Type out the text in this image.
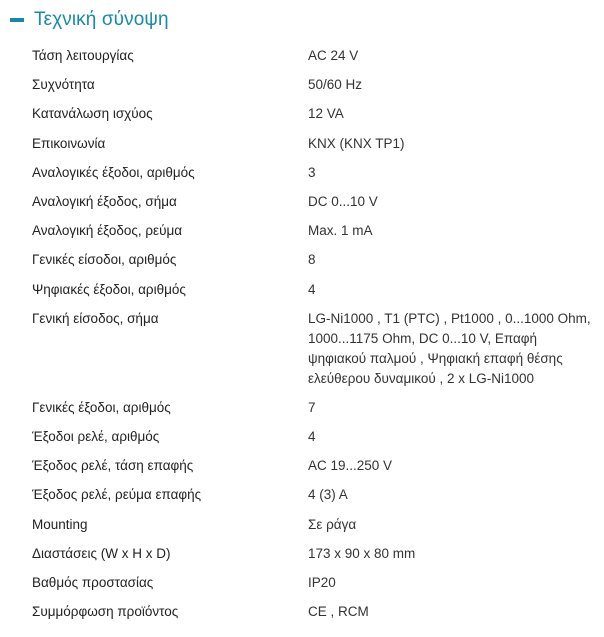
Τεχνική σύνοψη
Τάση λειτουργίας	AC 24 V
Συχνότητα	50/60 Hz
Κατανάλωση ισχύος	12 VA
Επικοινωνία	KNX (KNX TP1)
Αναλογικές έξοδοι, αριθμός	3
Αναλογική έξοδος, σήμα	DC 0...10 V
Αναλογική έξοδος, ρεύμα	Max. 1 mA
Γενικές είσοδοι, αριθμός	8
Ψηφιακές έξοδοι, αριθμός	4
Γενική είσοδος, σήμα	LG-Ni1000 , T1 (PTC) , Pt1000 , 0...1000 Ohm, 1000...1175 Ohm, DC 0...10 V, Επαφή ψηφιακού παλμού , Ψηφιακή επαφή θέσης ελεύθερου δυναμικού , 2 x LG-Ni1000
Γενικές έξοδοι, αριθμός	7
Έξοδοι ρελέ, αριθμός	4
Έξοδος ρελέ, τάση επαφής	AC 19...250 V
Έξοδος ρελέ, ρεύμα επαφής	4 (3) A
Mounting	Σε ράγα
Διαστάσεις (W x H x D)	173 x 90 x 80 mm
Βαθμός προστασίας	IP20
Συμμόρφωση προϊόντος	CE , RCM
